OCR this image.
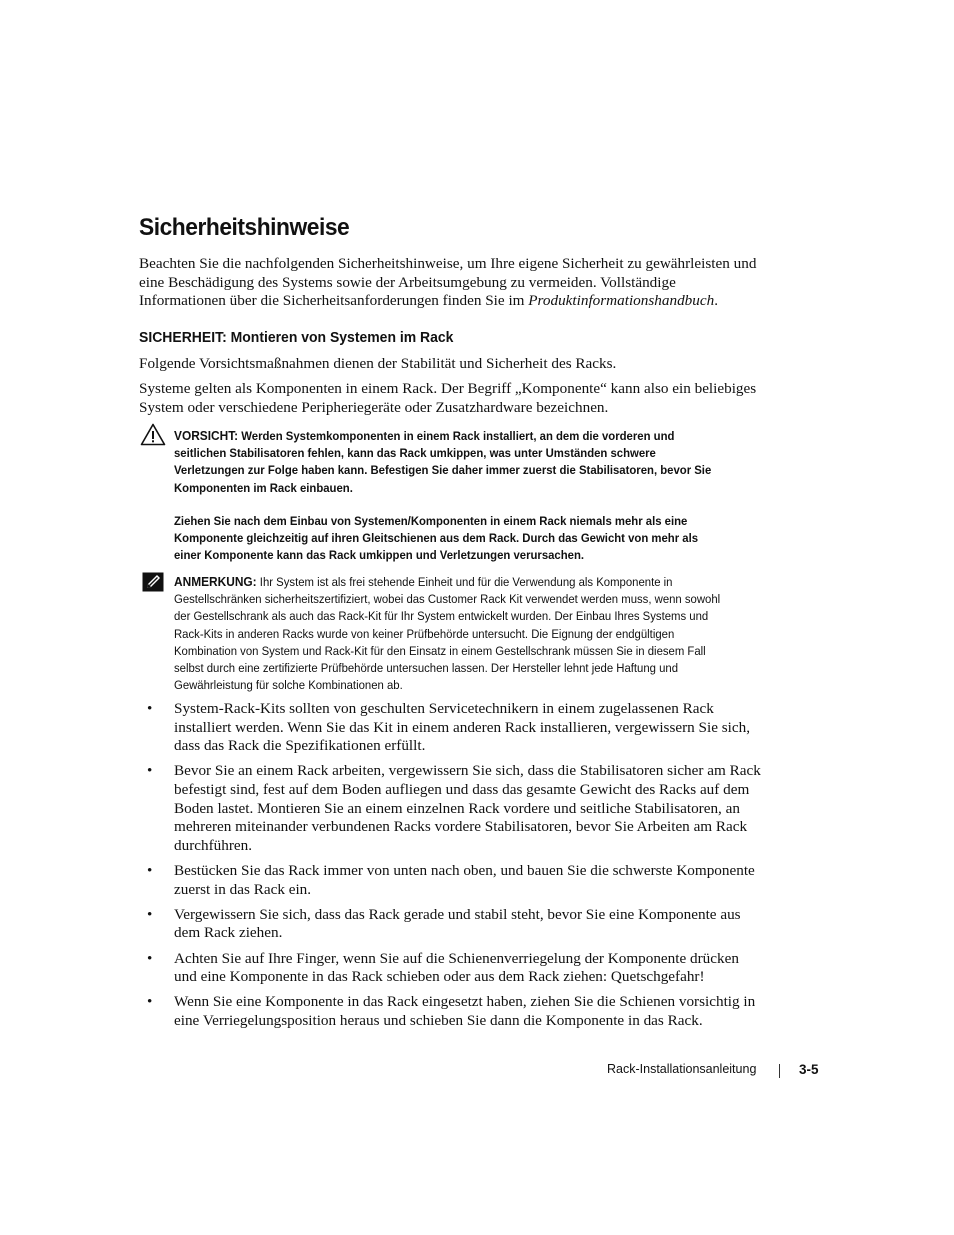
Sicherheitshinweise

Beachten Sie die nachfolgenden Sicherheitshinweise, um Ihre eigene Sicherheit zu gewährleisten und eine Beschädigung des Systems sowie der Arbeitsumgebung zu vermeiden. Vollständige Informationen über die Sicherheitsanforderungen finden Sie im Produktinformationshandbuch.

SICHERHEIT: Montieren von Systemen im Rack

Folgende Vorsichtsmaßnahmen dienen der Stabilität und Sicherheit des Racks.

Systeme gelten als Komponenten in einem Rack. Der Begriff „Komponente“ kann also ein beliebiges System oder verschiedene Peripheriegeräte oder Zusatzhardware bezeichnen.

VORSICHT: Werden Systemkomponenten in einem Rack installiert, an dem die vorderen und seitlichen Stabilisatoren fehlen, kann das Rack umkippen, was unter Umständen schwere Verletzungen zur Folge haben kann. Befestigen Sie daher immer zuerst die Stabilisatoren, bevor Sie Komponenten im Rack einbauen.

Ziehen Sie nach dem Einbau von Systemen/Komponenten in einem Rack niemals mehr als eine Komponente gleichzeitig auf ihren Gleitschienen aus dem Rack. Durch das Gewicht von mehr als einer Komponente kann das Rack umkippen und Verletzungen verursachen.

ANMERKUNG: Ihr System ist als frei stehende Einheit und für die Verwendung als Komponente in Gestellschränken sicherheitszertifiziert, wobei das Customer Rack Kit verwendet werden muss, wenn sowohl der Gestellschrank als auch das Rack-Kit für Ihr System entwickelt wurden. Der Einbau Ihres Systems und Rack-Kits in anderen Racks wurde von keiner Prüfbehörde untersucht. Die Eignung der endgültigen Kombination von System und Rack-Kit für den Einsatz in einem Gestellschrank müssen Sie in diesem Fall selbst durch eine zertifizierte Prüfbehörde untersuchen lassen. Der Hersteller lehnt jede Haftung und Gewährleistung für solche Kombinationen ab.

• System-Rack-Kits sollten von geschulten Servicetechnikern in einem zugelassenen Rack installiert werden. Wenn Sie das Kit in einem anderen Rack installieren, vergewissern Sie sich, dass das Rack die Spezifikationen erfüllt.
• Bevor Sie an einem Rack arbeiten, vergewissern Sie sich, dass die Stabilisatoren sicher am Rack befestigt sind, fest auf dem Boden aufliegen und dass das gesamte Gewicht des Racks auf dem Boden lastet. Montieren Sie an einem einzelnen Rack vordere und seitliche Stabilisatoren, an mehreren miteinander verbundenen Racks vordere Stabilisatoren, bevor Sie Arbeiten am Rack durchführen.
• Bestücken Sie das Rack immer von unten nach oben, und bauen Sie die schwerste Komponente zuerst in das Rack ein.
• Vergewissern Sie sich, dass das Rack gerade und stabil steht, bevor Sie eine Komponente aus dem Rack ziehen.
• Achten Sie auf Ihre Finger, wenn Sie auf die Schienenverriegelung der Komponente drücken und eine Komponente in das Rack schieben oder aus dem Rack ziehen: Quetschgefahr!
• Wenn Sie eine Komponente in das Rack eingesetzt haben, ziehen Sie die Schienen vorsichtig in eine Verriegelungsposition heraus und schieben Sie dann die Komponente in das Rack.
Rack-Installationsanleitung	3-5
